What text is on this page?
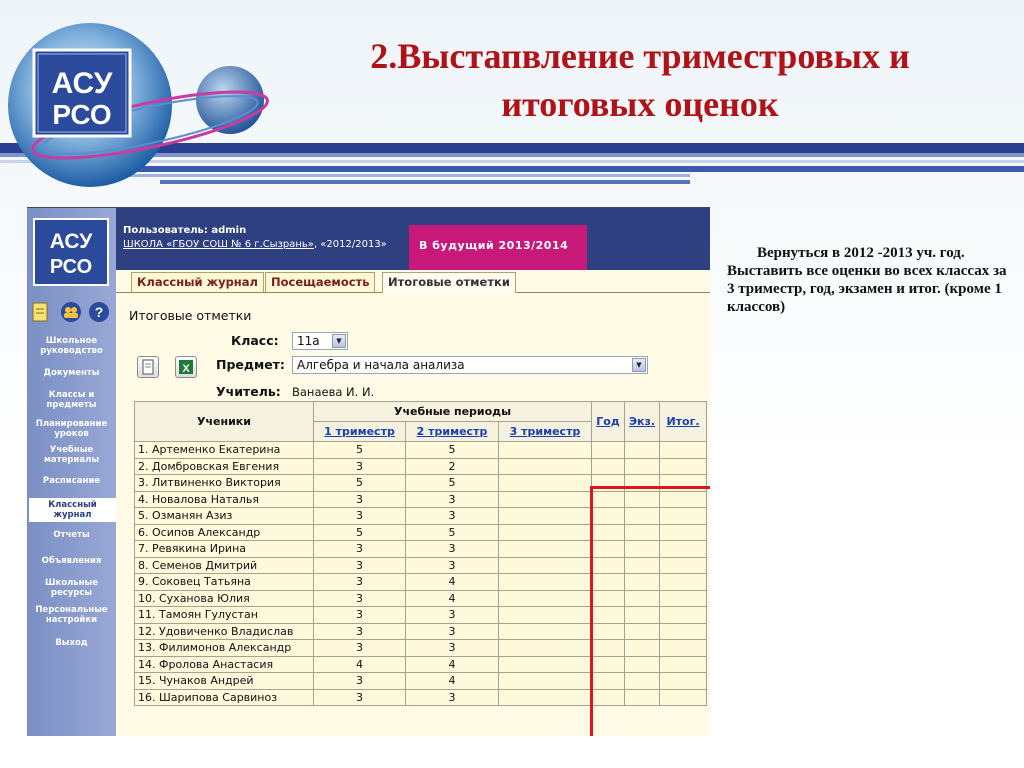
АСУ
РСО
2.Выстапвление триместровых и
итоговых оценок
Вернуться в 2012 -2013 уч. год. Выставить все оценки во всех классах за 3 триместр, год, экзамен и итог. (кроме 1 классов)
АСУ
РСО
?
Школьное руководство
Документы
Классы и предметы
Планирование уроков
Учебные материалы
Расписание
Классный журнал
Отчеты
Объявления
Школьные ресурсы
Персональные настройки
Выход
Пользователь: admin
ШКОЛА «ГБОУ СОШ № 6 г.Сызрань», «2012/2013»	В будущий 2013/2014
Классный журнал	Посещаемость	Итоговые отметки
Итоговые отметки
Класс:	11а	▼
X Предмет:	Алгебра и начала анализа	▼
Учитель: Ванаева И. И.
Ученики	Учебные периоды			Год	Экз.	Итог.
	1 триместр	2 триместр	3 триместр			
1. Артеменко Екатерина	5	5				
2. Домбровская Евгения	3	2				
3. Литвиненко Виктория	5	5				
4. Новалова Наталья	3	3				
5. Озманян Азиз	3	3				
6. Осипов Александр	5	5				
7. Ревякина Ирина	3	3				
8. Семенов Дмитрий	3	3				
9. Соковец Татьяна	3	4				
10. Суханова Юлия	3	4				
11. Тамоян Гулустан	3	3				
12. Удовиченко Владислав	3	3				
13. Филимонов Александр	3	3				
14. Фролова Анастасия	4	4				
15. Чунаков Андрей	3	4				
16. Шарипова Сарвиноз	3	3				
